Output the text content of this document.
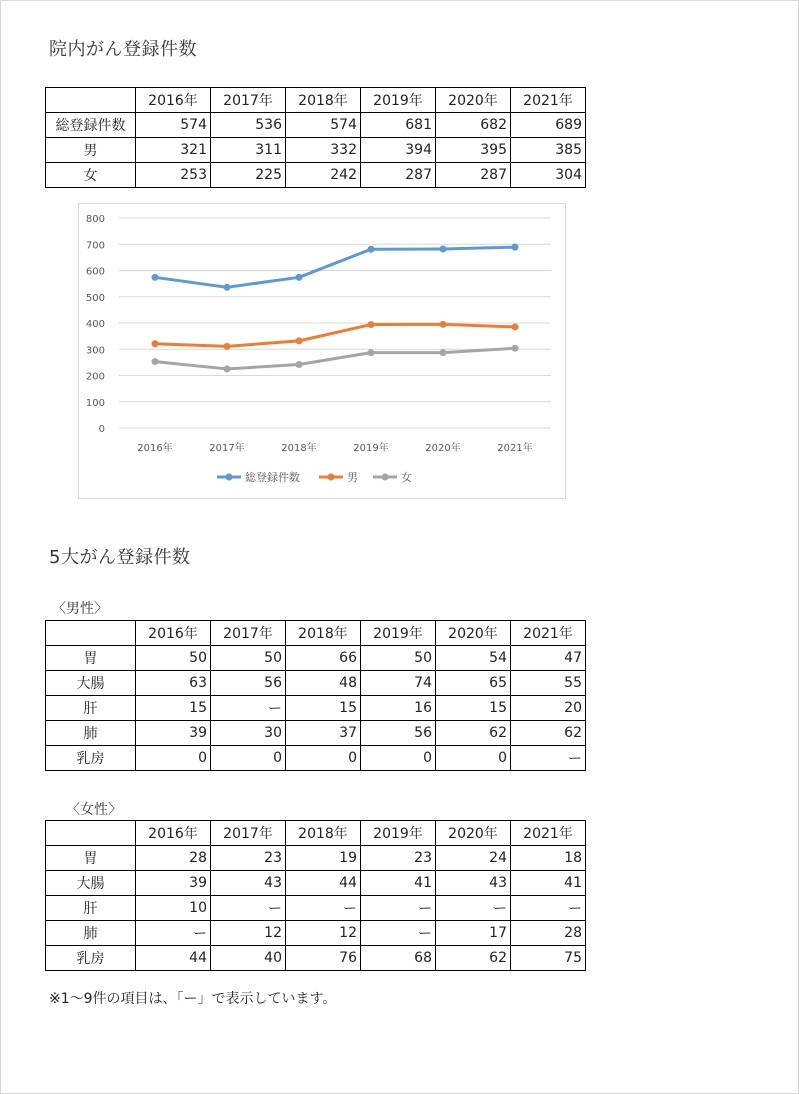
院内がん登録件数
	2016年	2017年	2018年	2019年	2020年	2021年
総登録件数	574	536	574	681	682	689
男	321	311	332	394	395	385
女	253	225	242	287	287	304
0
100
200
300
400
500
600
700
800
2016年	2017年	2018年	2019年	2020年	2021年
総登録件数	男	女
5大がん登録件数
〈男性〉
	2016年	2017年	2018年	2019年	2020年	2021年
胃	50	50	66	50	54	47
大腸	63	56	48	74	65	55
肝	15	ー	15	16	15	20
肺	39	30	37	56	62	62
乳房	0	0	0	0	0	ー
〈女性〉
	2016年	2017年	2018年	2019年	2020年	2021年
胃	28	23	19	23	24	18
大腸	39	43	44	41	43	41
肝	10	ー	ー	ー	ー	ー
肺	ー	12	12	ー	17	28
乳房	44	40	76	68	62	75
※1～9件の項目は、「ー」で表示しています。
